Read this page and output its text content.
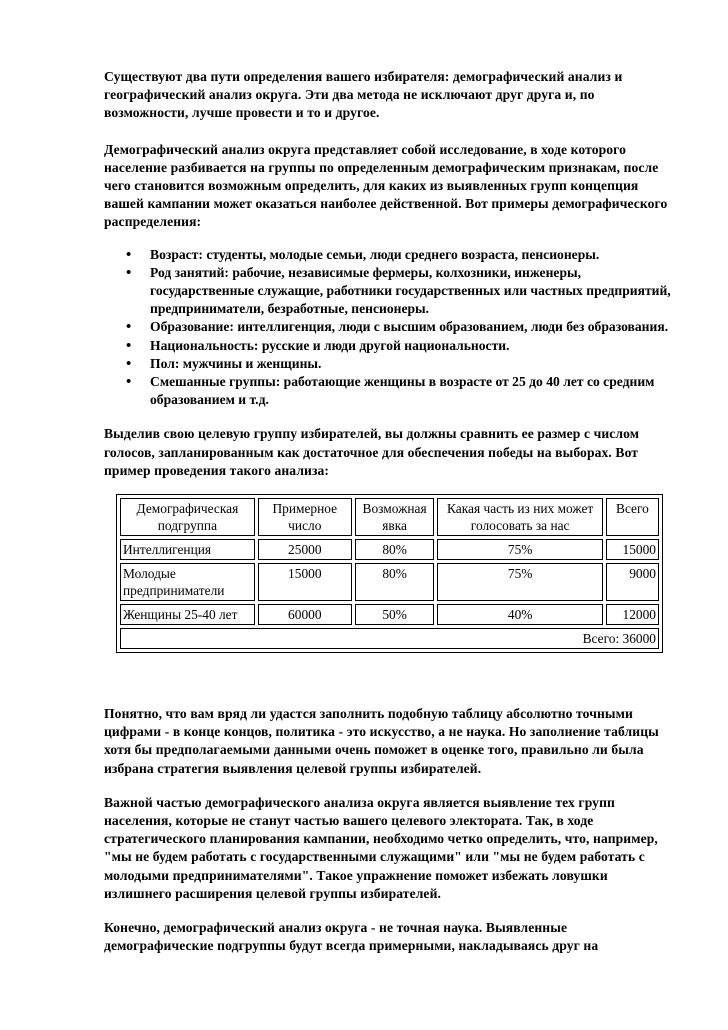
Существуют два пути определения вашего избирателя: демографический анализ и географический анализ округа. Эти два метода не исключают друг друга и, по возможности, лучше провести и то и другое.

Демографический анализ округа представляет собой исследование, в ходе которого население разбивается на группы по определенным демографическим признакам, после чего становится возможным определить, для каких из выявленных групп концепция вашей кампании может оказаться наиболее действенной. Вот примеры демографического распределения:

• Возраст: студенты, молодые семьи, люди среднего возраста, пенсионеры.
• Род занятий: рабочие, независимые фермеры, колхозники, инженеры, государственные служащие, работники государственных или частных предприятий, предприниматели, безработные, пенсионеры.
• Образование: интеллигенция, люди с высшим образованием, люди без образования.
• Национальность: русские и люди другой национальности.
• Пол: мужчины и женщины.
• Смешанные группы: работающие женщины в возрасте от 25 до 40 лет со средним образованием и т.д.

Выделив свою целевую группу избирателей, вы должны сравнить ее размер с числом голосов, запланированным как достаточное для обеспечения победы на выборах. Вот пример проведения такого анализа:

Демографическая подгруппа	Примерное число	Возможная явка	Какая часть из них может голосовать за нас	Всего
Интеллигенция	25000	80%	75%	15000
Молодые предприниматели	15000	80%	75%	9000
Женщины 25-40 лет	60000	50%	40%	12000
Всего: 36000				

Понятно, что вам вряд ли удастся заполнить подобную таблицу абсолютно точными цифрами - в конце концов, политика - это искусство, а не наука. Но заполнение таблицы хотя бы предполагаемыми данными очень поможет в оценке того, правильно ли была избрана стратегия выявления целевой группы избирателей.

Важной частью демографического анализа округа является выявление тех групп населения, которые не станут частью вашего целевого электората. Так, в ходе стратегического планирования кампании, необходимо четко определить, что, например, "мы не будем работать с государственными служащими" или "мы не будем работать с молодыми предпринимателями". Такое упражнение поможет избежать ловушки излишнего расширения целевой группы избирателей.

Конечно, демографический анализ округа - не точная наука. Выявленные демографические подгруппы будут всегда примерными, накладываясь друг на
